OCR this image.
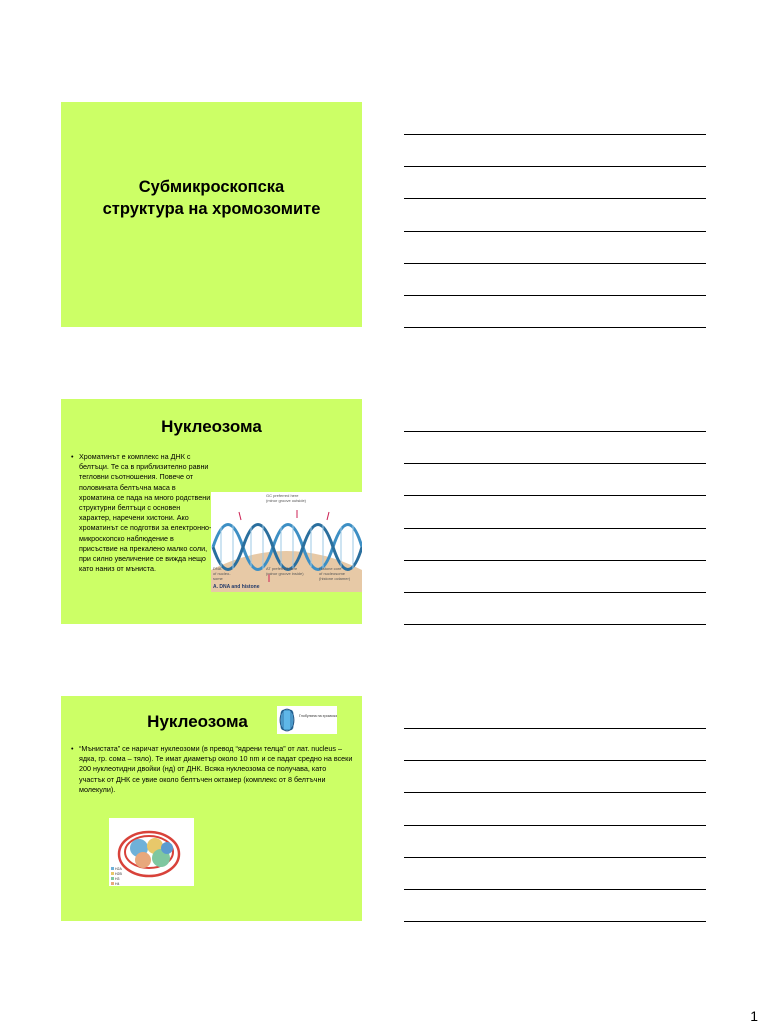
Субмикроскопска
структура на хромозомите
Нуклеозома
• Хроматинът е комплекс на ДНК с белтъци. Те са в приблизително равни тегловни съотношения. Повече от половината белтъчна маса в хроматина се пада на много родствени структурни белтъци с основен характер, наречени хистони. Ако хроматинът се подготви за електронно-микроскопско наблюдение в присъствие на прекалено малко соли, при силно увеличение се вижда нещо като наниз от мъниста.
GC preferred here
(minor groove outside)
AT preferred here
(minor groove inside)
DNA
of nucleo-
some
Histone core
of nucleosome
(histone octamer)
A. DNA and histone
Нуклеозома	Глобулина на хромозома
• “Мънистата” се наричат нуклеозоми (в превод “ядрени телца” от лат. nucleus – ядка, гр. сома – тяло). Те имат диаметър около 10 nm и се падат средно на всеки 200 нуклеотидни двойки (нд) от ДНК. Всяка нуклеозома се получава, като участък от ДНК се увие около белтъчен октамер (комплекс от 8 белтъчни молекули).
H2A
H2B
H3
H4
1
